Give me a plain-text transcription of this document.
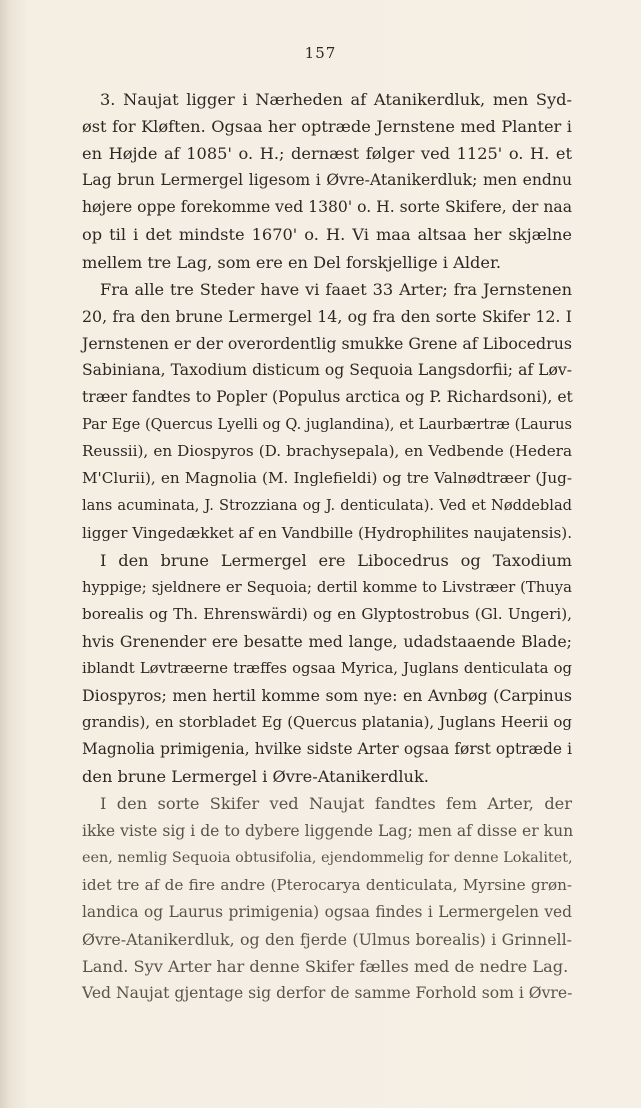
157
3. Naujat ligger i Nærheden af Atanikerdluk, men Syd-
øst for Kløften. Ogsaa her optræde Jernstene med Planter i
en Højde af 1085' o. H.; dernæst følger ved 1125' o. H. et
Lag brun Lermergel ligesom i Øvre-Atanikerdluk; men endnu
højere oppe forekomme ved 1380' o. H. sorte Skifere, der naa
op til i det mindste 1670' o. H. Vi maa altsaa her skjælne
mellem tre Lag, som ere en Del forskjellige i Alder.
Fra alle tre Steder have vi faaet 33 Arter; fra Jernstenen
20, fra den brune Lermergel 14, og fra den sorte Skifer 12. I
Jernstenen er der overordentlig smukke Grene af Libocedrus
Sabiniana, Taxodium disticum og Sequoia Langsdorfii; af Løv-
træer fandtes to Popler (Populus arctica og P. Richardsoni), et
Par Ege (Quercus Lyelli og Q. juglandina), et Laurbærtræ (Laurus
Reussii), en Diospyros (D. brachysepala), en Vedbende (Hedera
M'Clurii), en Magnolia (M. Inglefieldi) og tre Valnødtræer (Jug-
lans acuminata, J. Strozziana og J. denticulata). Ved et Nøddeblad
ligger Vingedækket af en Vandbille (Hydrophilites naujatensis).
I den brune Lermergel ere Libocedrus og Taxodium
hyppige; sjeldnere er Sequoia; dertil komme to Livstræer (Thuya
borealis og Th. Ehrenswärdi) og en Glyptostrobus (Gl. Ungeri),
hvis Grenender ere besatte med lange, udadstaaende Blade;
iblandt Løvtræerne træffes ogsaa Myrica, Juglans denticulata og
Diospyros; men hertil komme som nye: en Avnbøg (Carpinus
grandis), en storbladet Eg (Quercus platania), Juglans Heerii og
Magnolia primigenia, hvilke sidste Arter ogsaa først optræde i
den brune Lermergel i Øvre-Atanikerdluk.
I den sorte Skifer ved Naujat fandtes fem Arter, der
ikke viste sig i de to dybere liggende Lag; men af disse er kun
een, nemlig Sequoia obtusifolia, ejendommelig for denne Lokalitet,
idet tre af de fire andre (Pterocarya denticulata, Myrsine grøn-
landica og Laurus primigenia) ogsaa findes i Lermergelen ved
Øvre-Atanikerdluk, og den fjerde (Ulmus borealis) i Grinnell-
Land. Syv Arter har denne Skifer fælles med de nedre Lag.
Ved Naujat gjentage sig derfor de samme Forhold som i Øvre-
